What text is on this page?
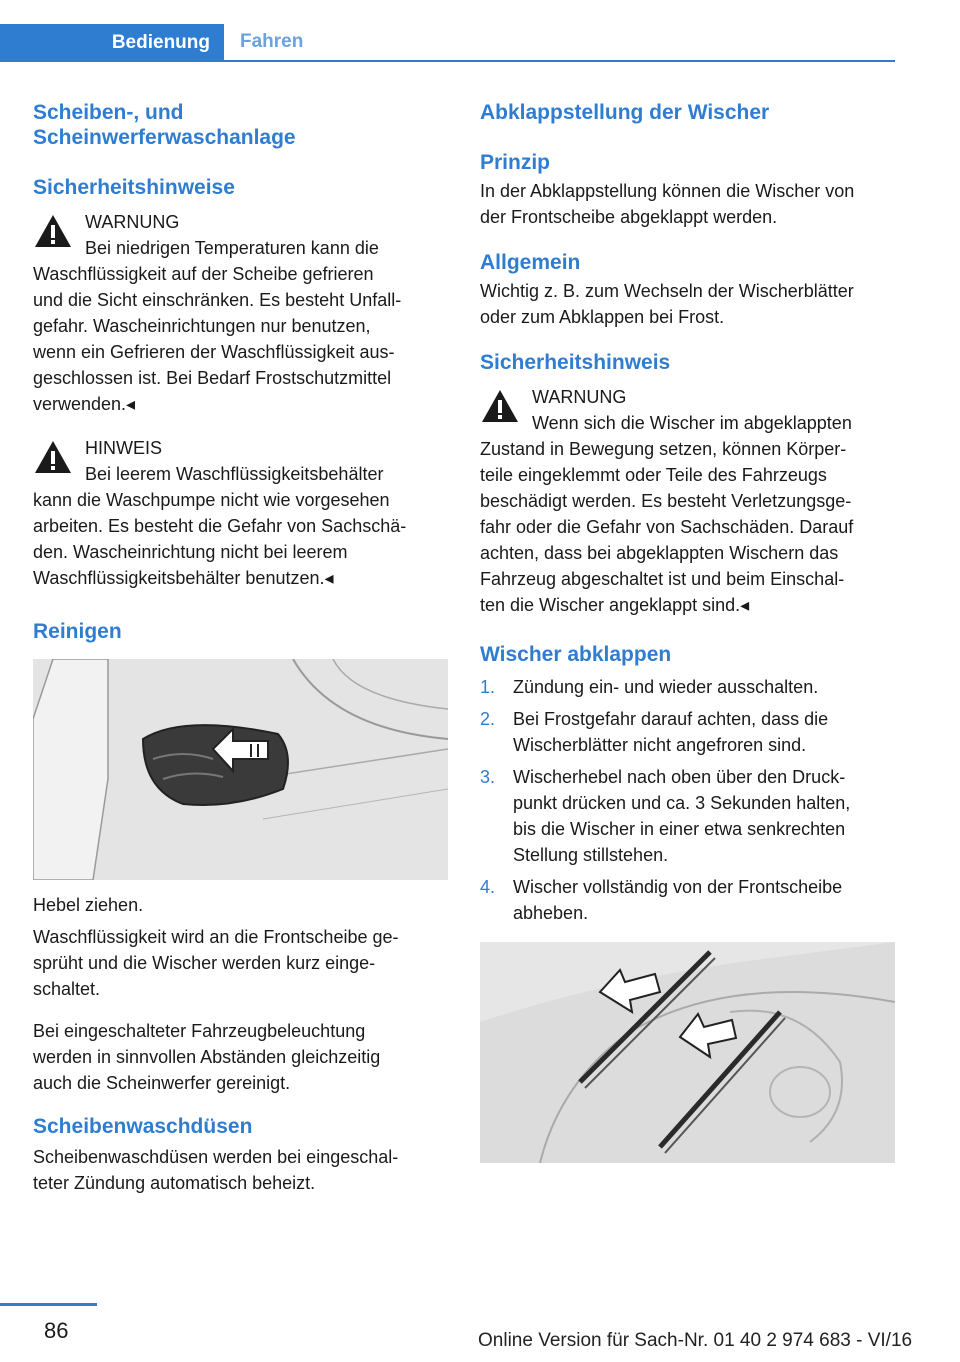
Bedienung Fahren
Scheiben-, und Scheinwerferwaschanlage
Sicherheitshinweise
WARNUNG

Bei niedrigen Temperaturen kann die

Waschflüssigkeit auf der Scheibe gefrieren

und die Sicht einschränken. Es besteht Unfall-

gefahr. Wascheinrichtungen nur benutzen,

wenn ein Gefrieren der Waschflüssigkeit aus-

geschlossen ist. Bei Bedarf Frostschutzmittel

verwenden.◂

HINWEIS

Bei leerem Waschflüssigkeitsbehälter

kann die Waschpumpe nicht wie vorgesehen

arbeiten. Es besteht die Gefahr von Sachschä-

den. Wascheinrichtung nicht bei leerem

Waschflüssigkeitsbehälter benutzen.◂

Reinigen

Hebel ziehen.

Waschflüssigkeit wird an die Frontscheibe ge-

sprüht und die Wischer werden kurz einge-

schaltet.

Bei eingeschalteter Fahrzeugbeleuchtung

werden in sinnvollen Abständen gleichzeitig

auch die Scheinwerfer gereinigt.

Scheibenwaschdüsen

Scheibenwaschdüsen werden bei eingeschal-

teter Zündung automatisch beheizt.

Abklappstellung der Wischer
Prinzip

In der Abklappstellung können die Wischer von

der Frontscheibe abgeklappt werden.

Allgemein

Wichtig z. B. zum Wechseln der Wischerblätter

oder zum Abklappen bei Frost.

Sicherheitshinweis
WARNUNG

Wenn sich die Wischer im abgeklappten

Zustand in Bewegung setzen, können Körper-

teile eingeklemmt oder Teile des Fahrzeugs

beschädigt werden. Es besteht Verletzungsge-

fahr oder die Gefahr von Sachschäden. Darauf

achten, dass bei abgeklappten Wischern das

Fahrzeug abgeschaltet ist und beim Einschal-

ten die Wischer angeklappt sind.◂

Wischer abklappen
1. Zündung ein- und wieder ausschalten.
2. Bei Frostgefahr darauf achten, dass die
Wischerblätter nicht angefroren sind.
3. Wischerhebel nach oben über den Druck-
punkt drücken und ca. 3 Sekunden halten,
bis die Wischer in einer etwa senkrechten
Stellung stillstehen.
4. Wischer vollständig von der Frontscheibe
abheben.
86	Online Version für Sach-Nr. 01 40 2 974 683 - VI/16
